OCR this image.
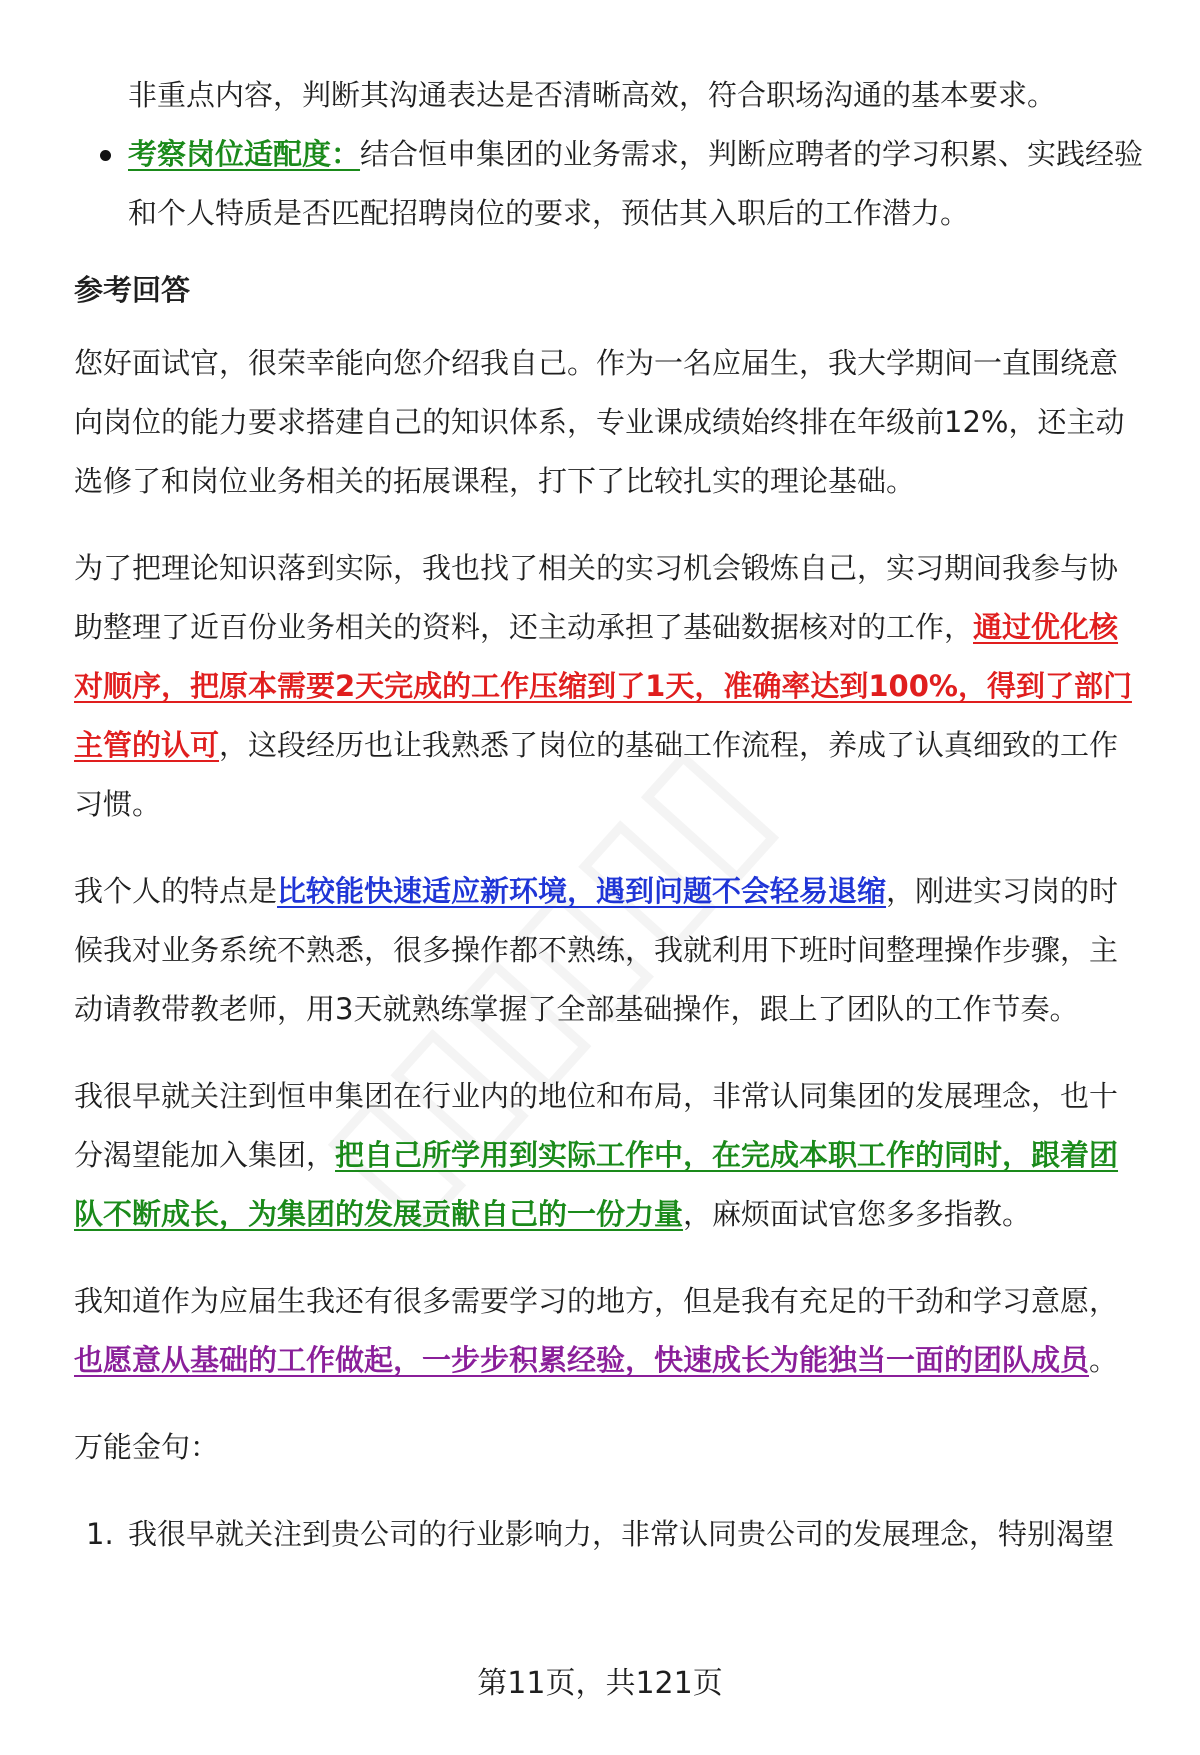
非重点内容，判断其沟通表达是否清晰高效，符合职场沟通的基本要求。

考察岗位适配度：结合恒申集团的业务需求，判断应聘者的学习积累、实践经验和个人特质是否匹配招聘岗位的要求，预估其入职后的工作潜力。

参考回答

您好面试官，很荣幸能向您介绍我自己。作为一名应届生，我大学期间一直围绕意向岗位的能力要求搭建自己的知识体系，专业课成绩始终排在年级前12%，还主动选修了和岗位业务相关的拓展课程，打下了比较扎实的理论基础。

为了把理论知识落到实际，我也找了相关的实习机会锻炼自己，实习期间我参与协助整理了近百份业务相关的资料，还主动承担了基础数据核对的工作，通过优化核对顺序，把原本需要2天完成的工作压缩到了1天，准确率达到100%，得到了部门主管的认可，这段经历也让我熟悉了岗位的基础工作流程，养成了认真细致的工作习惯。

我个人的特点是比较能快速适应新环境，遇到问题不会轻易退缩，刚进实习岗的时候我对业务系统不熟悉，很多操作都不熟练，我就利用下班时间整理操作步骤，主动请教带教老师，用3天就熟练掌握了全部基础操作，跟上了团队的工作节奏。

我很早就关注到恒申集团在行业内的地位和布局，非常认同集团的发展理念，也十分渴望能加入集团，把自己所学用到实际工作中，在完成本职工作的同时，跟着团队不断成长，为集团的发展贡献自己的一份力量，麻烦面试官您多多指教。

我知道作为应届生我还有很多需要学习的地方，但是我有充足的干劲和学习意愿，也愿意从基础的工作做起，一步步积累经验，快速成长为能独当一面的团队成员。

万能金句：

1. 我很早就关注到贵公司的行业影响力，非常认同贵公司的发展理念，特别渴望

第11页，共121页
